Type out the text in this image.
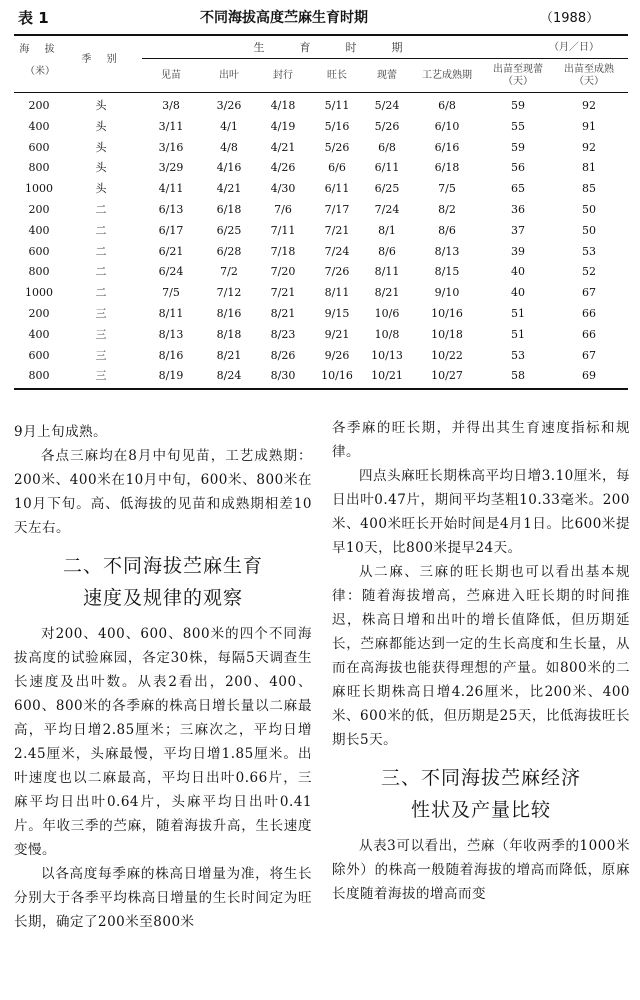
表 1	不同海拔高度苎麻生育时期	（1988）
海 拔
（米）
季 别
生　育　时　期	（月／日）
见苗	出叶	封行	旺长	现蕾	工艺成熟期
出苗至现蕾
（天）
出苗至成熟
（天）
200	头	3/8	3/26	4/18	5/11	5/24	6/8	59	92
400	头	3/11	4/1	4/19	5/16	5/26	6/10	55	91
600	头	3/16	4/8	4/21	5/26	6/8	6/16	59	92
800	头	3/29	4/16	4/26	6/6	6/11	6/18	56	81
1000	头	4/11	4/21	4/30	6/11	6/25	7/5	65	85
200	二	6/13	6/18	7/6	7/17	7/24	8/2	36	50
400	二	6/17	6/25	7/11	7/21	8/1	8/6	37	50
600	二	6/21	6/28	7/18	7/24	8/6	8/13	39	53
800	二	6/24	7/2	7/20	7/26	8/11	8/15	40	52
1000	二	7/5	7/12	7/21	8/11	8/21	9/10	40	67
200	三	8/11	8/16	8/21	9/15	10/6	10/16	51	66
400	三	8/13	8/18	8/23	9/21	10/8	10/18	51	66
600	三	8/16	8/21	8/26	9/26	10/13	10/22	53	67
800	三	8/19	8/24	8/30	10/16	10/21	10/27	58	69

9月上旬成熟。

各点三麻均在8月中旬见苗，工艺成熟期：200米、400米在10月中旬，600米、800米在10月下旬。高、低海拔的见苗和成熟期相差10天左右。

二、不同海拔苎麻生育
速度及规律的观察

对200、400、600、800米的四个不同海拔高度的试验麻园，各定30株，每隔5天调查生长速度及出叶数。从表2看出，200、400、600、800米的各季麻的株高日增长量以二麻最高，平均日增2.85厘米；三麻次之，平均日增2.45厘米，头麻最慢，平均日增1.85厘米。出叶速度也以二麻最高，平均日出叶0.66片，三麻平均日出叶0.64片，头麻平均日出叶0.41片。年收三季的苎麻，随着海拔升高，生长速度变慢。

以各高度每季麻的株高日增量为准，将生长分别大于各季平均株高日增量的生长时间定为旺长期，确定了200米至800米

各季麻的旺长期，并得出其生育速度指标和规律。

四点头麻旺长期株高平均日增3.10厘米，每日出叶0.47片，期间平均茎粗10.33毫米。200米、400米旺长开始时间是4月1日。比600米提早10天，比800米提早24天。

从二麻、三麻的旺长期也可以看出基本规律：随着海拔增高，苎麻进入旺长期的时间推迟，株高日增和出叶的增长值降低，但历期延长，苎麻都能达到一定的生长高度和生长量，从而在高海拔也能获得理想的产量。如800米的二麻旺长期株高日增4.26厘米，比200米、400米、600米的低，但历期是25天，比低海拔旺长期长5天。

三、不同海拔苎麻经济
性状及产量比较

从表3可以看出，苎麻（年收两季的1000米除外）的株高一般随着海拔的增高而降低，原麻长度随着海拔的增高而变
